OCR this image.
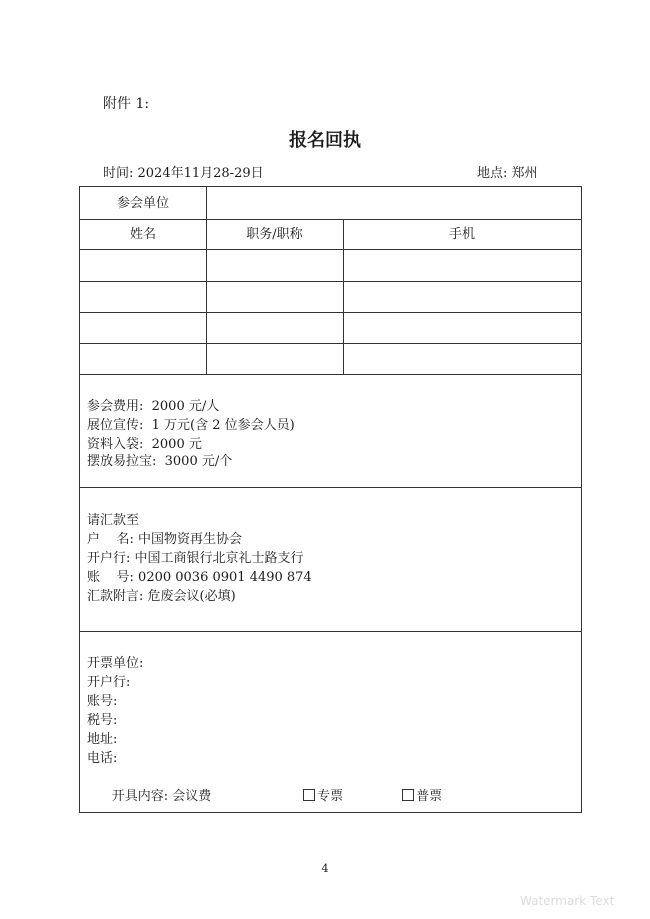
附件 1:
报名回执
时间: 2024年11月28-29日	地点: 郑州
参会单位
姓名	职务/职称	手机
参会费用:  2000 元/人
展位宣传:  1 万元(含 2 位参会人员)
资料入袋:  2000 元
摆放易拉宝:  3000 元/个
请汇款至
户    名: 中国物资再生协会
开户行: 中国工商银行北京礼士路支行
账    号: 0200 0036 0901 4490 874
汇款附言: 危废会议(必填)
开票单位:
开户行:
账号:
税号:
地址:
电话:

开具内容: 会议费
	专票

	普票

4
Watermark Text
